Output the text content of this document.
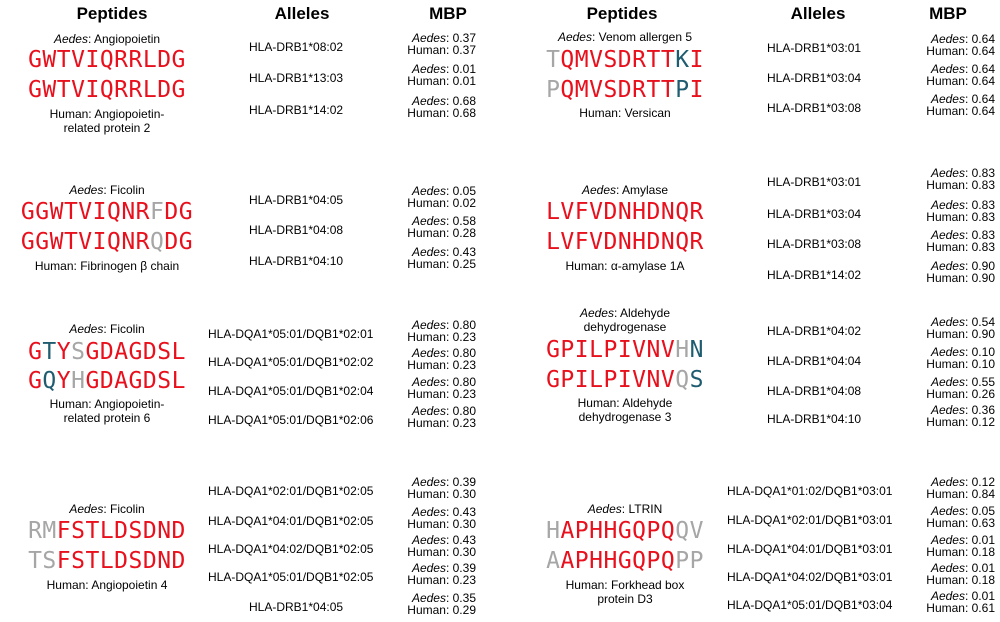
Peptides	Alleles	MBP	Peptides	Alleles	MBP
Aedes: Angiopoietin
GWTVIQRRLDG
GWTVIQRRLDG
Human: Angiopoietin-related protein 2
HLA-DRB1*08:02
Aedes: 0.37
Human: 0.37
HLA-DRB1*13:03
Aedes: 0.01
Human: 0.01
HLA-DRB1*14:02
Aedes: 0.68
Human: 0.68
Aedes: Ficolin
GGWTVIQNRFDG
GGWTVIQNRQDG
Human: Fibrinogen β chain
HLA-DRB1*04:05
Aedes: 0.05
Human: 0.02
HLA-DRB1*04:08
Aedes: 0.58
Human: 0.28
HLA-DRB1*04:10
Aedes: 0.43
Human: 0.25
Aedes: Ficolin
GTYSGDAGDSL
GQYHGDAGDSL
Human: Angiopoietin-related protein 6
HLA-DQA1*05:01/DQB1*02:01
Aedes: 0.80
Human: 0.23
HLA-DQA1*05:01/DQB1*02:02
Aedes: 0.80
Human: 0.23
HLA-DQA1*05:01/DQB1*02:04
Aedes: 0.80
Human: 0.23
HLA-DQA1*05:01/DQB1*02:06
Aedes: 0.80
Human: 0.23
Aedes: Ficolin
RMFSTLDSDND
TSFSTLDSDND
Human: Angiopoietin 4
HLA-DQA1*02:01/DQB1*02:05
Aedes: 0.39
Human: 0.30
HLA-DQA1*04:01/DQB1*02:05
Aedes: 0.43
Human: 0.30
HLA-DQA1*04:02/DQB1*02:05
Aedes: 0.43
Human: 0.30
HLA-DQA1*05:01/DQB1*02:05
Aedes: 0.39
Human: 0.23
HLA-DRB1*04:05
Aedes: 0.35
Human: 0.29
Aedes: Venom allergen 5
TQMVSDRTTKI
PQMVSDRTTPI
Human: Versican
HLA-DRB1*03:01
Aedes: 0.64
Human: 0.64
HLA-DRB1*03:04
Aedes: 0.64
Human: 0.64
HLA-DRB1*03:08
Aedes: 0.64
Human: 0.64
Aedes: Amylase
LVFVDNHDNQR
LVFVDNHDNQR
Human: α-amylase 1A
HLA-DRB1*03:01
Aedes: 0.83
Human: 0.83
HLA-DRB1*03:04
Aedes: 0.83
Human: 0.83
HLA-DRB1*03:08
Aedes: 0.83
Human: 0.83
HLA-DRB1*14:02
Aedes: 0.90
Human: 0.90
Aedes: Aldehyde dehydrogenase
GPILPIVNVHN
GPILPIVNVQS
Human: Aldehyde dehydrogenase 3
HLA-DRB1*04:02
Aedes: 0.54
Human: 0.90
HLA-DRB1*04:04
Aedes: 0.10
Human: 0.10
HLA-DRB1*04:08
Aedes: 0.55
Human: 0.26
HLA-DRB1*04:10
Aedes: 0.36
Human: 0.12
Aedes: LTRIN
HAPHHGQPQQV
AAPHHGQPQPP
Human: Forkhead box protein D3
HLA-DQA1*01:02/DQB1*03:01
Aedes: 0.12
Human: 0.84
HLA-DQA1*02:01/DQB1*03:01
Aedes: 0.05
Human: 0.63
HLA-DQA1*04:01/DQB1*03:01
Aedes: 0.01
Human: 0.18
HLA-DQA1*04:02/DQB1*03:01
Aedes: 0.01
Human: 0.18
HLA-DQA1*05:01/DQB1*03:04
Aedes: 0.01
Human: 0.61
